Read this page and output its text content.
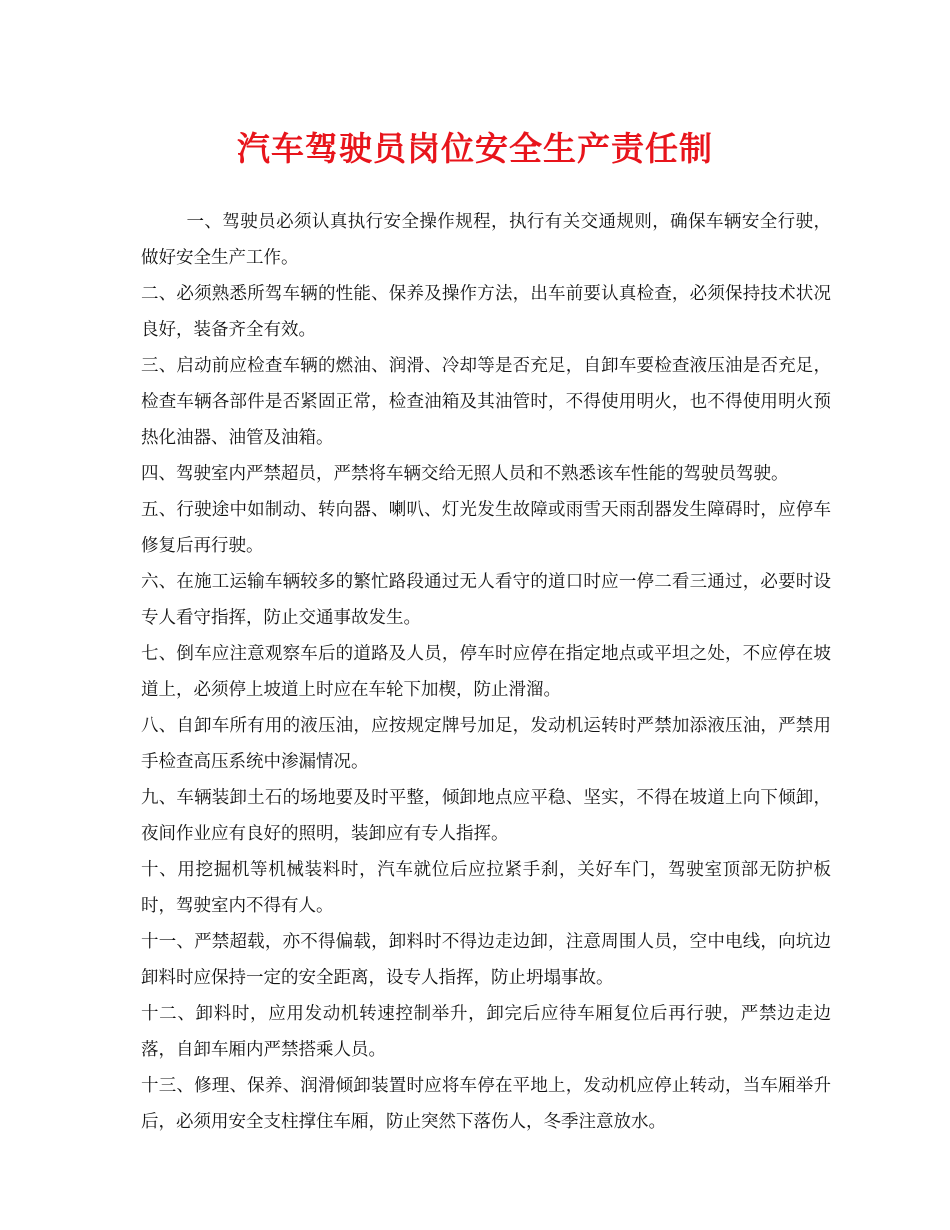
汽车驾驶员岗位安全生产责任制

一、驾驶员必须认真执行安全操作规程，执行有关交通规则，确保车辆安全行驶，做好安全生产工作。

二、必须熟悉所驾车辆的性能、保养及操作方法，出车前要认真检查，必须保持技术状况良好，装备齐全有效。

三、启动前应检查车辆的燃油、润滑、冷却等是否充足，自卸车要检查液压油是否充足，检查车辆各部件是否紧固正常，检查油箱及其油管时，不得使用明火，也不得使用明火预热化油器、油管及油箱。

四、驾驶室内严禁超员，严禁将车辆交给无照人员和不熟悉该车性能的驾驶员驾驶。

五、行驶途中如制动、转向器、喇叭、灯光发生故障或雨雪天雨刮器发生障碍时，应停车修复后再行驶。

六、在施工运输车辆较多的繁忙路段通过无人看守的道口时应一停二看三通过，必要时设专人看守指挥，防止交通事故发生。

七、倒车应注意观察车后的道路及人员，停车时应停在指定地点或平坦之处，不应停在坡道上，必须停上坡道上时应在车轮下加楔，防止滑溜。

八、自卸车所有用的液压油，应按规定牌号加足，发动机运转时严禁加添液压油，严禁用手检查高压系统中渗漏情况。

九、车辆装卸土石的场地要及时平整，倾卸地点应平稳、坚实，不得在坡道上向下倾卸，夜间作业应有良好的照明，装卸应有专人指挥。

十、用挖掘机等机械装料时，汽车就位后应拉紧手刹，关好车门，驾驶室顶部无防护板时，驾驶室内不得有人。

十一、严禁超载，亦不得偏载，卸料时不得边走边卸，注意周围人员，空中电线，向坑边卸料时应保持一定的安全距离，设专人指挥，防止坍塌事故。

十二、卸料时，应用发动机转速控制举升，卸完后应待车厢复位后再行驶，严禁边走边落，自卸车厢内严禁搭乘人员。

十三、修理、保养、润滑倾卸装置时应将车停在平地上，发动机应停止转动，当车厢举升后，必须用安全支柱撑住车厢，防止突然下落伤人，冬季注意放水。
